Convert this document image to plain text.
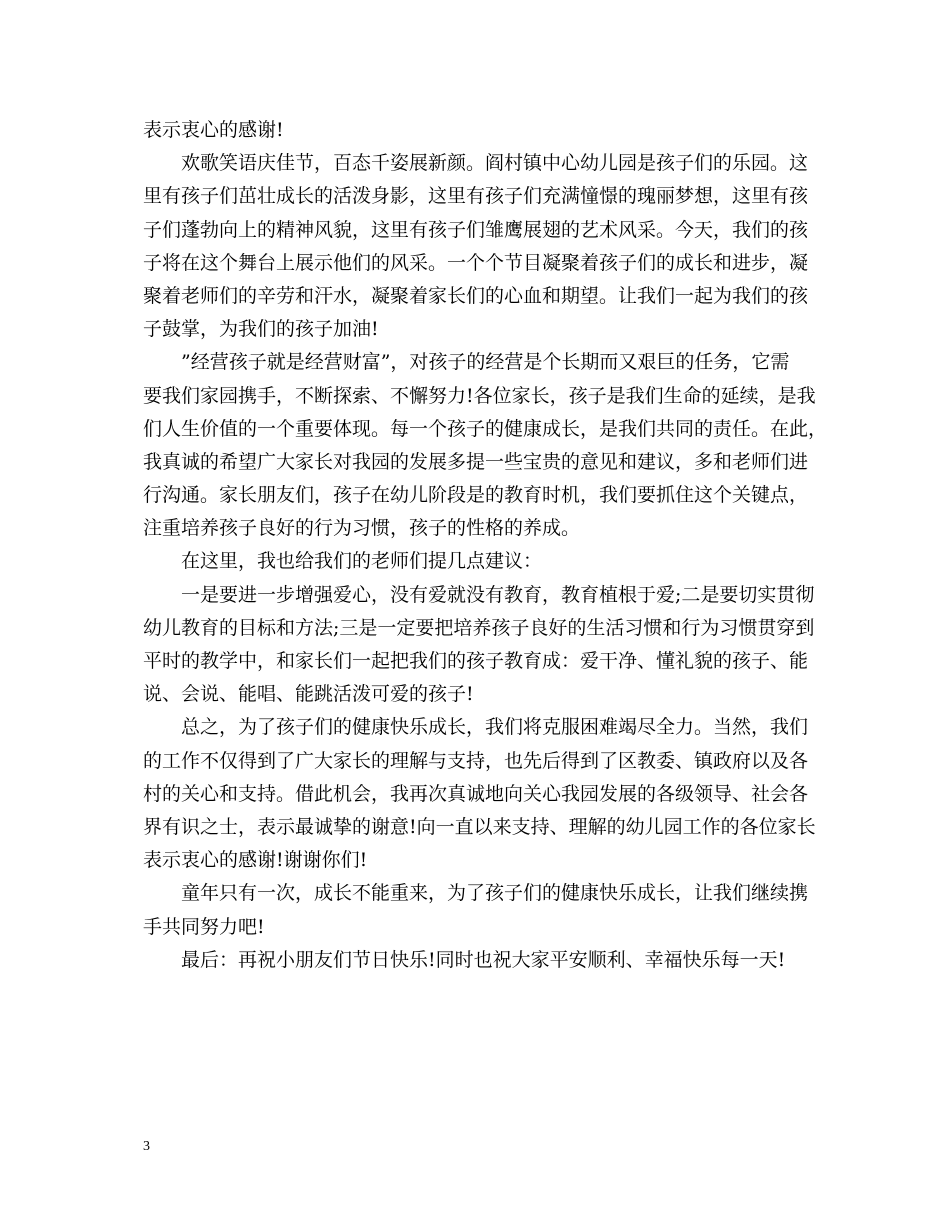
表示衷心的感谢!
欢歌笑语庆佳节，百态千姿展新颜。阎村镇中心幼儿园是孩子们的乐园。这
里有孩子们茁壮成长的活泼身影，这里有孩子们充满憧憬的瑰丽梦想，这里有孩
子们蓬勃向上的精神风貌，这里有孩子们雏鹰展翅的艺术风采。今天，我们的孩
子将在这个舞台上展示他们的风采。一个个节目凝聚着孩子们的成长和进步，凝
聚着老师们的辛劳和汗水，凝聚着家长们的心血和期望。让我们一起为我们的孩
子鼓掌，为我们的孩子加油!
”经营孩子就是经营财富”，对孩子的经营是个长期而又艰巨的任务，它需
要我们家园携手，不断探索、不懈努力!各位家长，孩子是我们生命的延续，是我
们人生价值的一个重要体现。每一个孩子的健康成长，是我们共同的责任。在此，
我真诚的希望广大家长对我园的发展多提一些宝贵的意见和建议，多和老师们进
行沟通。家长朋友们，孩子在幼儿阶段是的教育时机，我们要抓住这个关键点，
注重培养孩子良好的行为习惯，孩子的性格的养成。
在这里，我也给我们的老师们提几点建议：
一是要进一步增强爱心，没有爱就没有教育，教育植根于爱;二是要切实贯彻
幼儿教育的目标和方法;三是一定要把培养孩子良好的生活习惯和行为习惯贯穿到
平时的教学中，和家长们一起把我们的孩子教育成：爱干净、懂礼貌的孩子、能
说、会说、能唱、能跳活泼可爱的孩子!
总之，为了孩子们的健康快乐成长，我们将克服困难竭尽全力。当然，我们
的工作不仅得到了广大家长的理解与支持，也先后得到了区教委、镇政府以及各
村的关心和支持。借此机会，我再次真诚地向关心我园发展的各级领导、社会各
界有识之士，表示最诚挚的谢意!向一直以来支持、理解的幼儿园工作的各位家长
表示衷心的感谢!谢谢你们!
童年只有一次，成长不能重来，为了孩子们的健康快乐成长，让我们继续携
手共同努力吧!
最后：再祝小朋友们节日快乐!同时也祝大家平安顺利、幸福快乐每一天!
3
